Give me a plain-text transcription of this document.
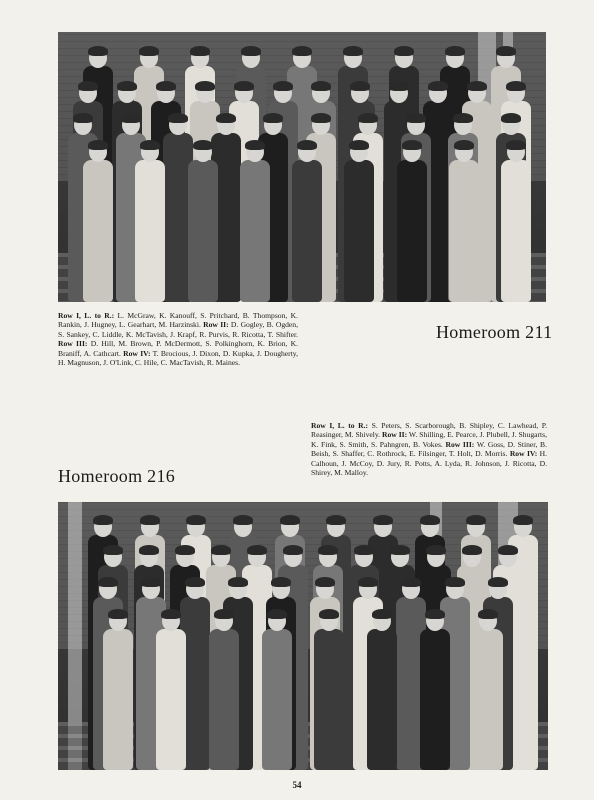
Row I, L. to R.: L. McGraw, K. Kanouff, S. Pritchard, B. Thompson, K. Rankin, J. Hugney, L. Gearhart, M. Harzinski. Row II: D. Gogley, B. Ogden, S. Sankey, C. Liddle, K. McTavish, J. Krapf, R. Purvis, R. Ricotta, T. Shifter. Row III: D. Hill, M. Brown, P. McDermott, S. Polkinghorn, K. Brion, K. Braniff, A. Cathcart. Row IV: T. Brocious, J. Dixon, D. Kupka, J. Dougherty, H. Magnuson, J. O'Link, C. Hile, C. MacTavish, R. Maines.
Homeroom 211
Homeroom 216
Row I, L. to R.: S. Peters, S. Scarborough, B. Shipley, C. Lawhead, P. Reasinger, M. Shively. Row II: W. Shilling, E. Pearce, J. Plubell, J. Shugarts, K. Fink, S. Smith, S. Pahngren, B. Vokes. Row III: W. Goss, D. Stiner, B. Beish, S. Shaffer, C. Rothrock, E. Filsinger, T. Holt, D. Morris. Row IV: H. Calhoun, J. McCoy, D. Jury, R. Potts, A. Lyda, R. Johnson, J. Ricotta, D. Shirey, M. Malloy.
54
